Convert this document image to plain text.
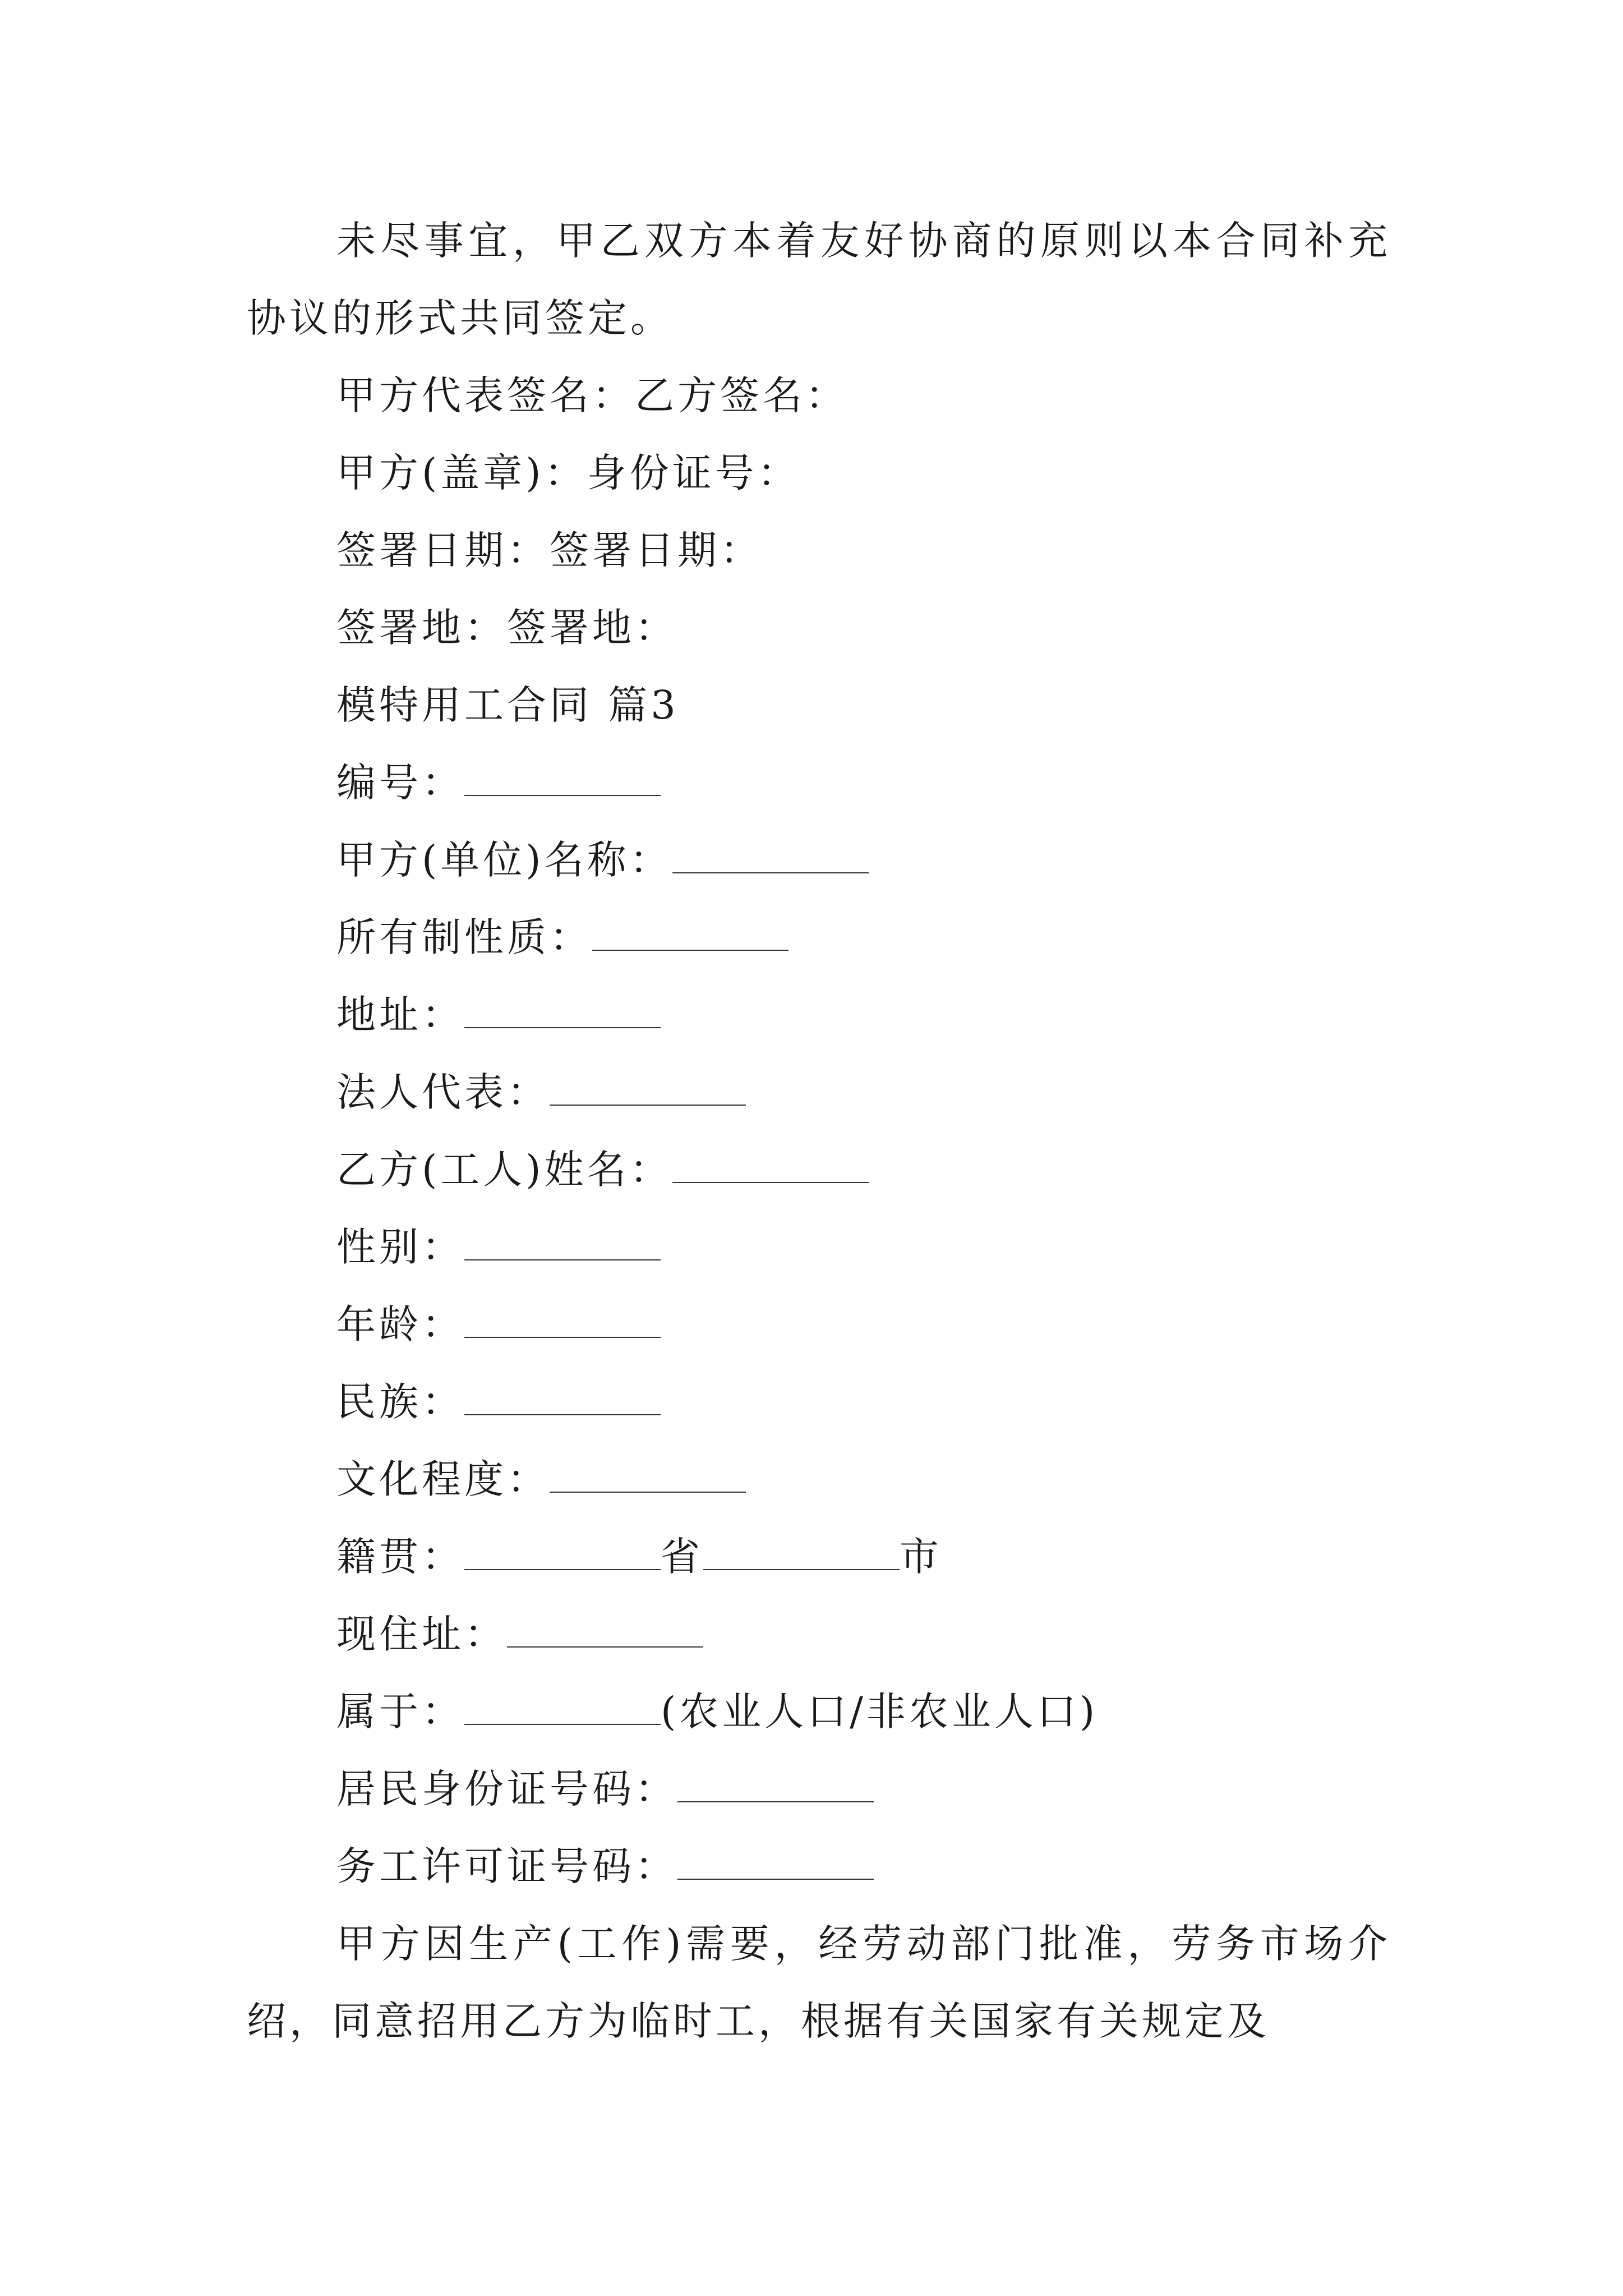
未尽事宜，甲乙双方本着友好协商的原则以本合同补充协议的形式共同签定。

甲方代表签名：乙方签名：

甲方(盖章)：身份证号：

签署日期：签署日期：

签署地：签署地：

模特用工合同 篇3

编号：

甲方(单位)名称：

所有制性质：

地址：

法人代表：

乙方(工人)姓名：

性别：

年龄：

民族：

文化程度：

籍贯：	省	市

现住址：

属于：	(农业人口/非农业人口)

居民身份证号码：

务工许可证号码：

甲方因生产(工作)需要，经劳动部门批准，劳务市场介绍，同意招用乙方为临时工，根据有关国家有关规定及
